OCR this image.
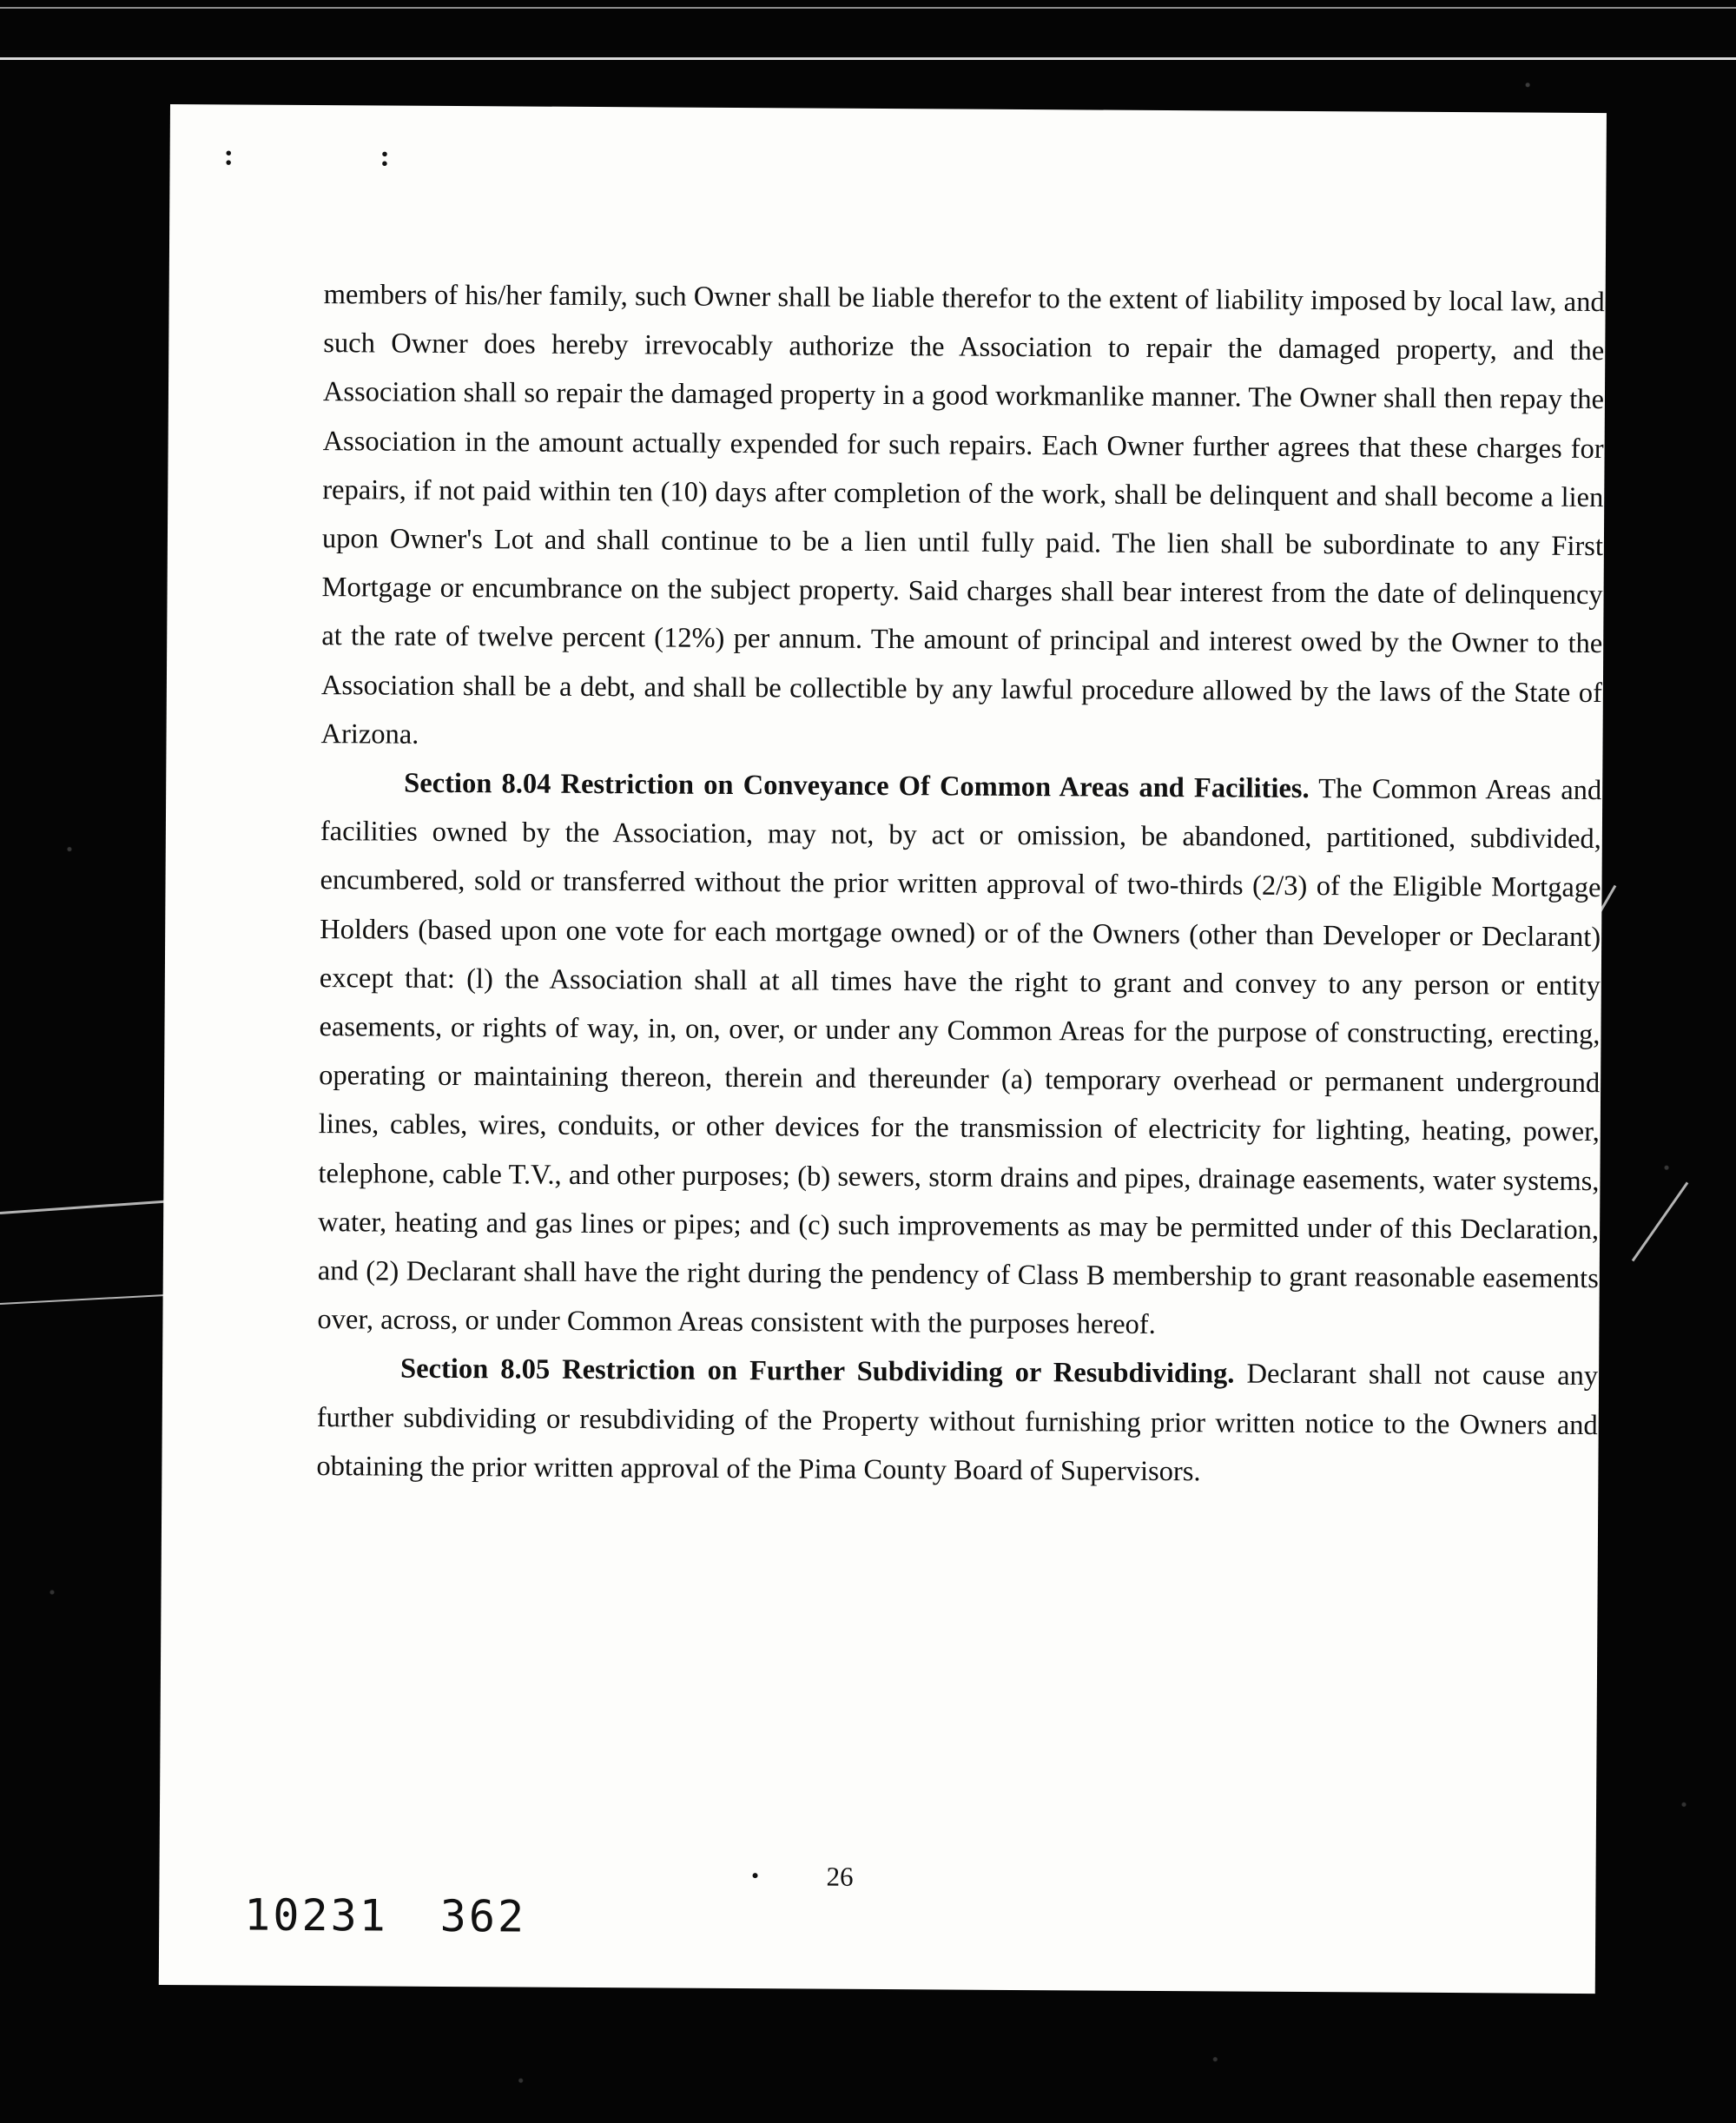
: :

members of his/her family, such Owner shall be liable therefor to the extent of liability imposed by local law, and such Owner does hereby irrevocably authorize the Association to repair the damaged property, and the Association shall so repair the damaged property in a good workmanlike manner. The Owner shall then repay the Association in the amount actually expended for such repairs. Each Owner further agrees that these charges for repairs, if not paid within ten (10) days after completion of the work, shall be delinquent and shall become a lien upon Owner's Lot and shall continue to be a lien until fully paid. The lien shall be subordinate to any First Mortgage or encumbrance on the subject property. Said charges shall bear interest from the date of delinquency at the rate of twelve percent (12%) per annum. The amount of principal and interest owed by the Owner to the Association shall be a debt, and shall be collectible by any lawful procedure allowed by the laws of the State of Arizona.

Section 8.04 Restriction on Conveyance Of Common Areas and Facilities. The Common Areas and facilities owned by the Association, may not, by act or omission, be abandoned, partitioned, subdivided, encumbered, sold or transferred without the prior written approval of two-thirds (2/3) of the Eligible Mortgage Holders (based upon one vote for each mortgage owned) or of the Owners (other than Developer or Declarant) except that: (l) the Association shall at all times have the right to grant and convey to any person or entity easements, or rights of way, in, on, over, or under any Common Areas for the purpose of constructing, erecting, operating or maintaining thereon, therein and thereunder (a) temporary overhead or permanent underground lines, cables, wires, conduits, or other devices for the transmission of electricity for lighting, heating, power, telephone, cable T.V., and other purposes; (b) sewers, storm drains and pipes, drainage easements, water systems, water, heating and gas lines or pipes; and (c) such improvements as may be permitted under of this Declaration, and (2) Declarant shall have the right during the pendency of Class B membership to grant reasonable easements over, across, or under Common Areas consistent with the purposes hereof.

Section 8.05 Restriction on Further Subdividing or Resubdividing. Declarant shall not cause any further subdividing or resubdividing of the Property without furnishing prior written notice to the Owners and obtaining the prior written approval of the Pima County Board of Supervisors.

26
10231 362
